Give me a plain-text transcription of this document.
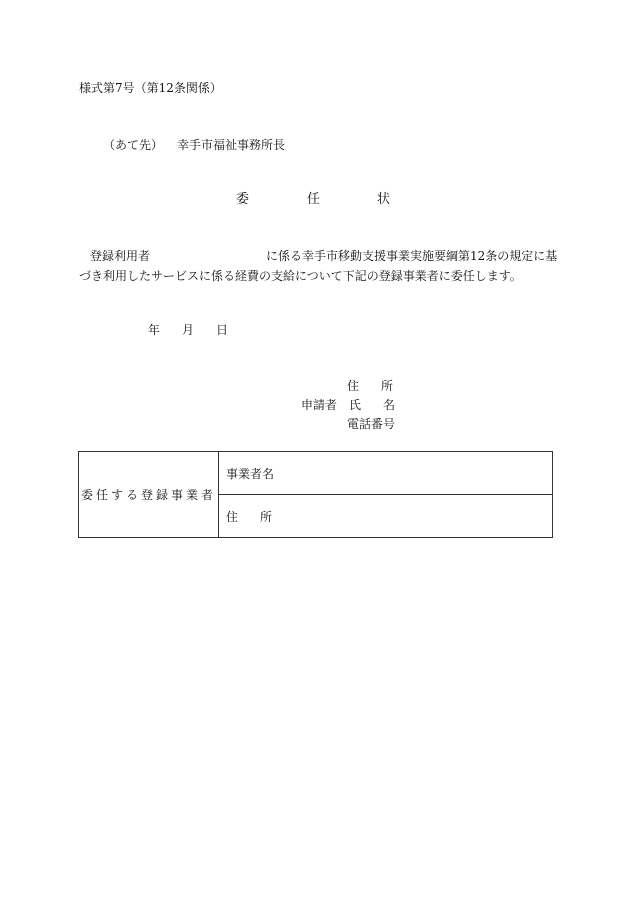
様式第7号（第12条関係）
（あて先） 幸手市福祉事務所長
委	任	状
登録利用者	に係る幸手市移動支援事業実施要綱第12条の規定に基
づき利用したサービスに係る経費の支給について下記の登録事業者に委任します。
年 月 日
住 所
申請者 氏 名
電話番号
委任する登録事業者	事業者名
住 所
